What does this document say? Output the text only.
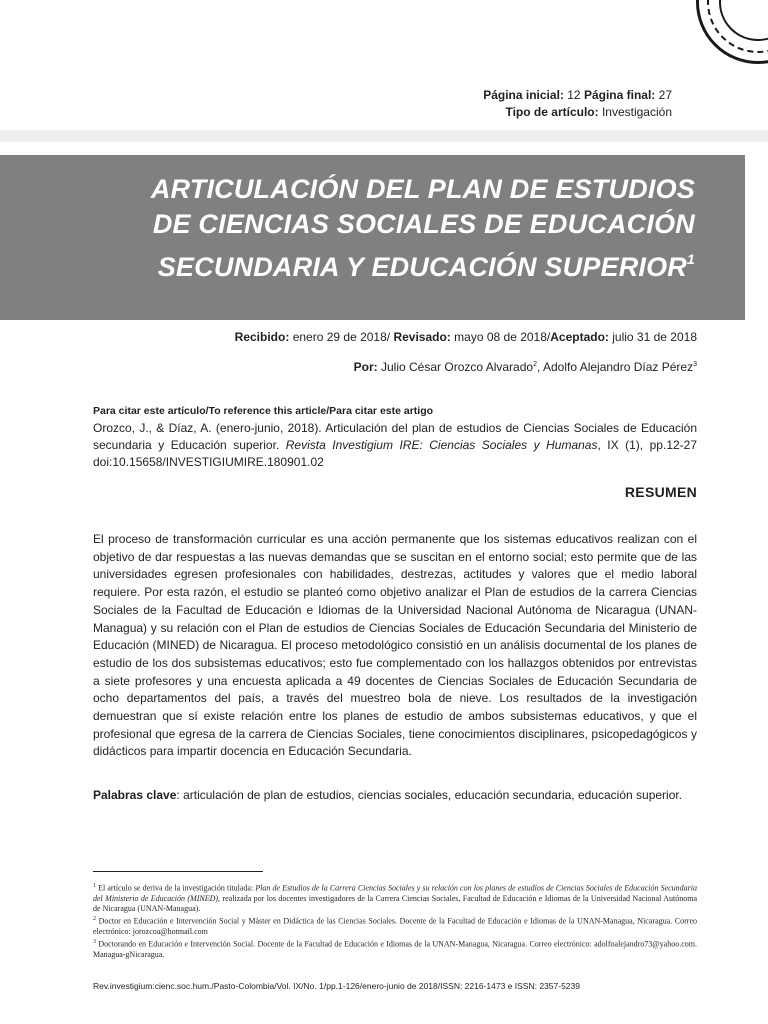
Página inicial: 12 Página final: 27
Tipo de artículo: Investigación
ARTICULACIÓN DEL PLAN DE ESTUDIOS
DE CIENCIAS SOCIALES DE EDUCACIÓN
SECUNDARIA Y EDUCACIÓN SUPERIOR$^1$
Recibido: enero 29 de 2018/ Revisado: mayo 08 de 2018/Aceptado: julio 31 de 2018
Por: Julio César Orozco Alvarado$^2$, Adolfo Alejandro Díaz Pérez$^3$
Para citar este artículo/To reference this article/Para citar este artigo
Orozco, J., & Díaz, A. (enero-junio, 2018). Articulación del plan de estudios de Ciencias Sociales de Educación secundaria y Educación superior. Revista Investigium IRE: Ciencias Sociales y Humanas, IX (1), pp.12-27 doi:10.15658/INVESTIGIUMIRE.180901.02
RESUMEN
El proceso de transformación curricular es una acción permanente que los sistemas educativos realizan con el objetivo de dar respuestas a las nuevas demandas que se suscitan en el entorno social; esto permite que de las universidades egresen profesionales con habilidades, destrezas, actitudes y valores que el medio laboral requiere. Por esta razón, el estudio se planteó como objetivo analizar el Plan de estudios de la carrera Ciencias Sociales de la Facultad de Educación e Idiomas de la Universidad Nacional Autónoma de Nicaragua (UNAN- Managua) y su relación con el Plan de estudios de Ciencias Sociales de Educación Secundaria del Ministerio de Educación (MINED) de Nicaragua. El proceso metodológico consistió en un análisis documental de los planes de estudio de los dos subsistemas educativos; esto fue complementado con los hallazgos obtenidos por entrevistas a siete profesores y una encuesta aplicada a 49 docentes de Ciencias Sociales de Educación Secundaria de ocho departamentos del país, a través del muestreo bola de nieve. Los resultados de la investigación demuestran que sí existe relación entre los planes de estudio de ambos subsistemas educativos, y que el profesional que egresa de la carrera de Ciencias Sociales, tiene conocimientos disciplinares, psicopedagógicos y didácticos para impartir docencia en Educación Secundaria.
Palabras clave: articulación de plan de estudios, ciencias sociales, educación secundaria, educación superior.

$^1$ El artículo se deriva de la investigación titulada: Plan de Estudios de la Carrera Ciencias Sociales y su relación con los planes de estudios de Ciencias Sociales de Educación Secundaria del Ministerio de Educación (MINED), realizada por los docentes investigadores de la Carrera Ciencias Sociales, Facultad de Educación e Idiomas de la Universidad Nacional Autónoma de Nicaragua (UNAN-Managua).

$^2$ Doctor en Educación e Intervención Social y Máster en Didáctica de las Ciencias Sociales. Docente de la Facultad de Educación e Idiomas de la UNAN-Managua, Nicaragua. Correo electrónico: jorozcoa@hotmail.com

$^3$ Doctorando en Educación e Intervención Social. Docente de la Facultad de Educación e Idiomas de la UNAN-Managua, Nicaragua. Correo electrónico: adolfoalejandro73@yahoo.com. Managua-gNicaragua.

Rev.investigium:cienc.soc.hum./Pasto-Colombia/Vol. IX/No. 1/pp.1-126/enero-junio de 2018/ISSN: 2216-1473 e ISSN: 2357-5239
